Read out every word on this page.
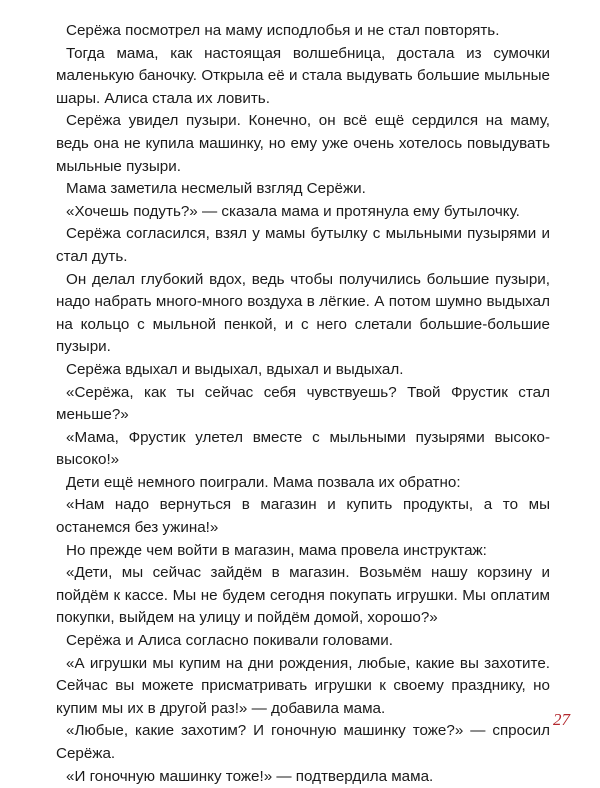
Серёжа посмотрел на маму исподлобья и не стал повторять.

Тогда мама, как настоящая волшебница, достала из сумочки маленькую баночку. Открыла её и стала выдувать большие мыльные шары. Алиса стала их ловить.

Серёжа увидел пузыри. Конечно, он всё ещё сердился на маму, ведь она не купила машинку, но ему уже очень хотелось повыдувать мыльные пузыри.

Мама заметила несмелый взгляд Серёжи.

«Хочешь подуть?» — сказала мама и протянула ему бутылочку.

Серёжа согласился, взял у мамы бутылку с мыльными пузырями и стал дуть.

Он делал глубокий вдох, ведь чтобы получились большие пузыри, надо набрать много-много воздуха в лёгкие. А потом шумно выдыхал на кольцо с мыльной пенкой, и с него слетали большие-большие пузыри.

Серёжа вдыхал и выдыхал, вдыхал и выдыхал.

«Серёжа, как ты сейчас себя чувствуешь? Твой Фрустик стал меньше?»

«Мама, Фрустик улетел вместе с мыльными пузырями высоко-высоко!»

Дети ещё немного поиграли. Мама позвала их обратно:

«Нам надо вернуться в магазин и купить продукты, а то мы останемся без ужина!»

Но прежде чем войти в магазин, мама провела инструктаж:

«Дети, мы сейчас зайдём в магазин. Возьмём нашу корзину и пойдём к кассе. Мы не будем сегодня покупать игрушки. Мы оплатим покупки, выйдем на улицу и пойдём домой, хорошо?»

Серёжа и Алиса согласно покивали головами.

«А игрушки мы купим на дни рождения, любые, какие вы захотите. Сейчас вы можете присматривать игрушки к своему празднику, но купим мы их в другой раз!» — добавила мама.

«Любые, какие захотим? И гоночную машинку тоже?» — спросил Серёжа.

«И гоночную машинку тоже!» — подтвердила мама.

27
